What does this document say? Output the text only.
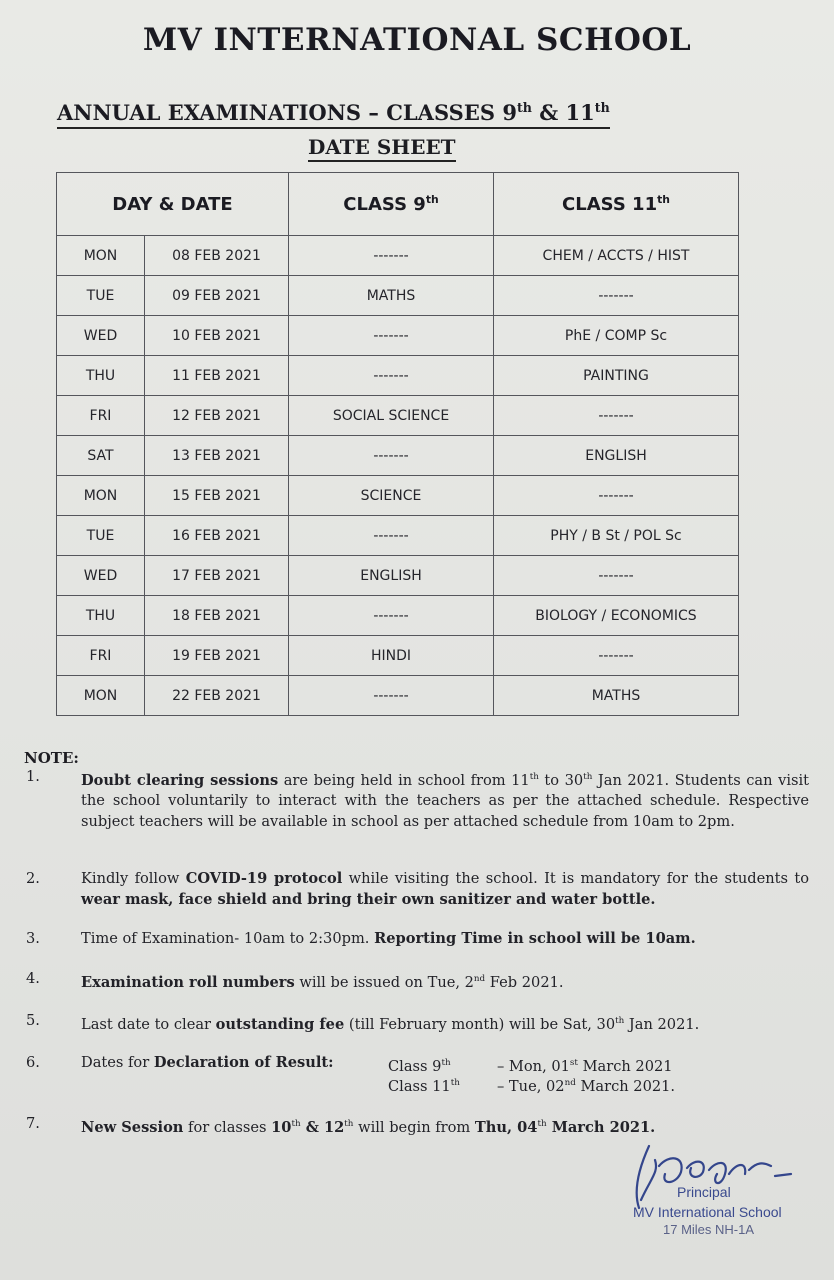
MV INTERNATIONAL SCHOOL
ANNUAL EXAMINATIONS – CLASSES 9th & 11th
DATE SHEET
DAY & DATE		CLASS 9th	CLASS 11th
MON	08 FEB 2021	-------	CHEM / ACCTS / HIST
TUE	09 FEB 2021	MATHS	-------
WED	10 FEB 2021	-------	PhE / COMP Sc
THU	11 FEB 2021	-------	PAINTING
FRI	12 FEB 2021	SOCIAL SCIENCE	-------
SAT	13 FEB 2021	-------	ENGLISH
MON	15 FEB 2021	SCIENCE	-------
TUE	16 FEB 2021	-------	PHY / B St / POL Sc
WED	17 FEB 2021	ENGLISH	-------
THU	18 FEB 2021	-------	BIOLOGY / ECONOMICS
FRI	19 FEB 2021	HINDI	-------
MON	22 FEB 2021	-------	MATHS
NOTE:
1.	Doubt clearing sessions are being held in school from 11th to 30th Jan 2021. Students can visit the school voluntarily to interact with the teachers as per the attached schedule. Respective subject teachers will be available in school as per attached schedule from 10am to 2pm.
2.	Kindly follow COVID-19 protocol while visiting the school. It is mandatory for the students to wear mask, face shield and bring their own sanitizer and water bottle.
3.	Time of Examination- 10am to 2:30pm. Reporting Time in school will be 10am.
4.	Examination roll numbers will be issued on Tue, 2nd Feb 2021.
5.	Last date to clear outstanding fee (till February month) will be Sat, 30th Jan 2021.
6.	Dates for Declaration of Result:	Class 9th	– Mon, 01st March 2021
Class 11th	– Tue, 02nd March 2021.
7.	New Session for classes 10th & 12th will begin from Thu, 04th March 2021.
Principal
MV International School
17 Miles NH-1A
